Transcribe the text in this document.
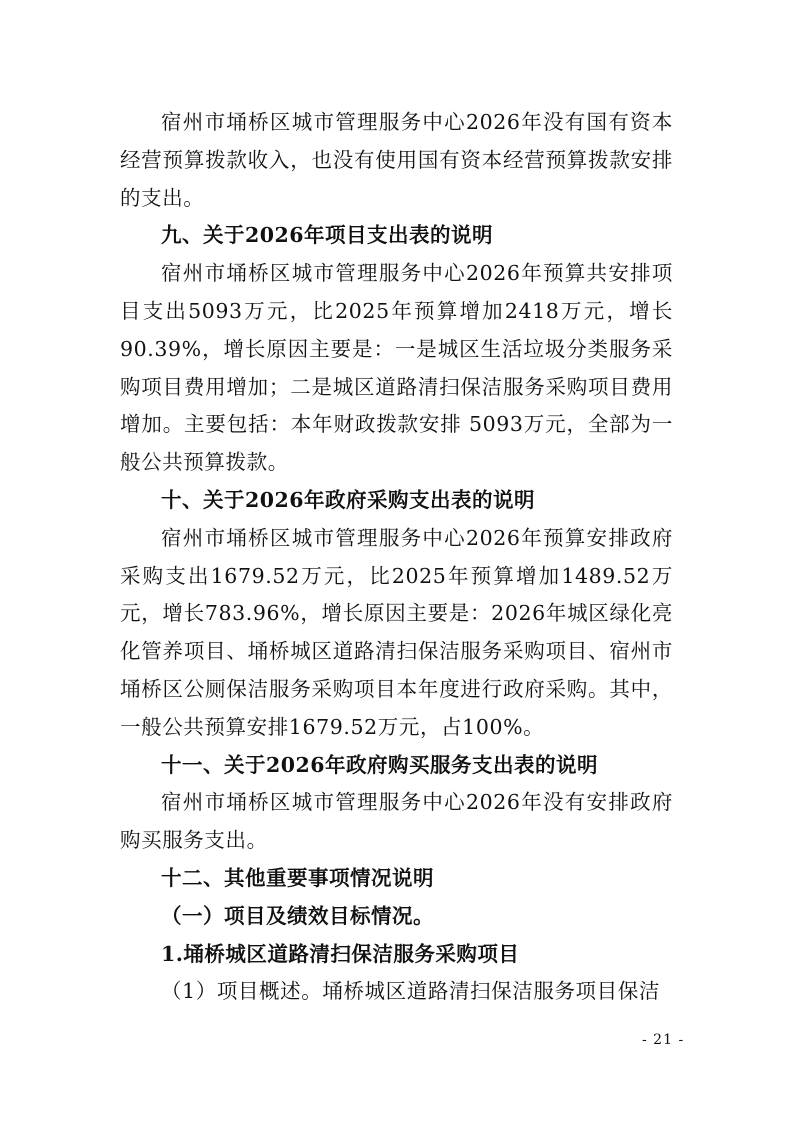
宿州市埇桥区城市管理服务中心2026年没有国有资本经营预算拨款收入，也没有使用国有资本经营预算拨款安排的支出。

九、关于2026年项目支出表的说明

宿州市埇桥区城市管理服务中心2026年预算共安排项目支出5093万元，比2025年预算增加2418万元，增长90.39%，增长原因主要是：一是城区生活垃圾分类服务采购项目费用增加；二是城区道路清扫保洁服务采购项目费用增加。主要包括：本年财政拨款安排 5093万元，全部为一般公共预算拨款。

十、关于2026年政府采购支出表的说明

宿州市埇桥区城市管理服务中心2026年预算安排政府采购支出1679.52万元，比2025年预算增加1489.52万元，增长783.96%，增长原因主要是：2026年城区绿化亮化管养项目、埇桥城区道路清扫保洁服务采购项目、宿州市埇桥区公厕保洁服务采购项目本年度进行政府采购。其中，一般公共预算安排1679.52万元，占100%。

十一、关于2026年政府购买服务支出表的说明

宿州市埇桥区城市管理服务中心2026年没有安排政府购买服务支出。

十二、其他重要事项情况说明

（一）项目及绩效目标情况。

1.埇桥城区道路清扫保洁服务采购项目

（1）项目概述。埇桥城区道路清扫保洁服务项目保洁

- 21 -
